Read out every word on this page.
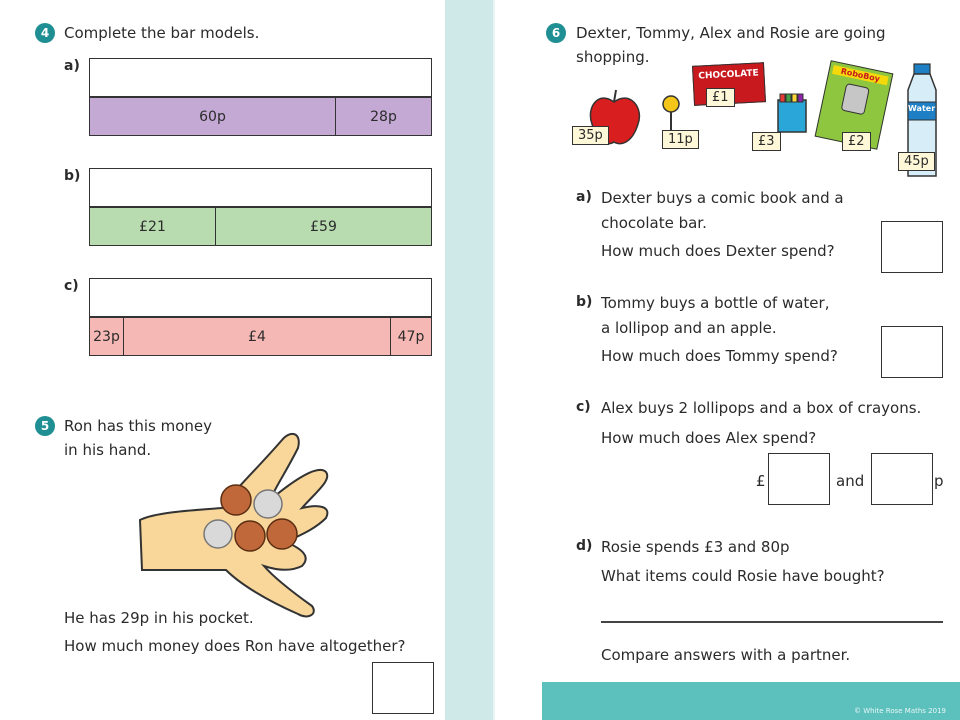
© White Rose Maths 2019
4 Complete the bar models.
a)
60p	28p
b)
£21	£59
c)
23p	£4	47p
5 Ron has this money
in his hand.
He has 29p in his pocket.
How much money does Ron have altogether?
6	Dexter, Tommy, Alex and Rosie are going
shopping.
35p	11p
CHOCOLATE
£1
£3
RoboBoy
£2
Water
45p
a) Dexter buys a comic book and a
chocolate bar.
How much does Dexter spend?
b) Tommy buys a bottle of water,
a lollipop and an apple.
How much does Tommy spend?
c) Alex buys 2 lollipops and a box of crayons.
How much does Alex spend?
£	and	p
d) Rosie spends £3 and 80p
What items could Rosie have bought?
Compare answers with a partner.
